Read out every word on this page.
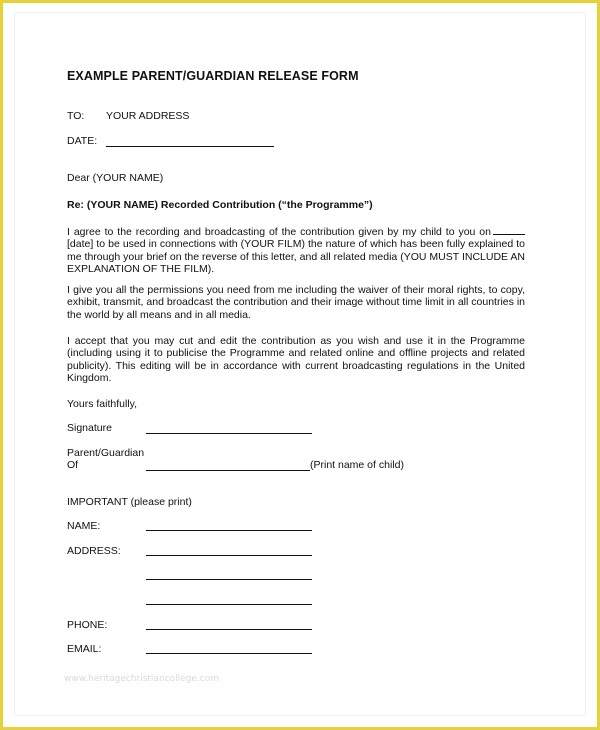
EXAMPLE PARENT/GUARDIAN RELEASE FORM
TO: YOUR ADDRESS
DATE:
Dear (YOUR NAME)
Re: (YOUR NAME) Recorded Contribution (“the Programme”)
I agree to the recording and broadcasting of the contribution given by my child to you on [date] to be used in connections with (YOUR FILM) the nature of which has been fully explained to me through your brief on the reverse of this letter, and all related media (YOU MUST INCLUDE AN EXPLANATION OF THE FILM).
I give you all the permissions you need from me including the waiver of their moral rights, to copy, exhibit, transmit, and broadcast the contribution and their image without time limit in all countries in the world by all means and in all media.
I accept that you may cut and edit the contribution as you wish and use it in the Programme (including using it to publicise the Programme and related online and offline projects and related publicity). This editing will be in accordance with current broadcasting regulations in the United Kingdom.
Yours faithfully,
Signature
Parent/Guardian
Of	(Print name of child)
IMPORTANT (please print)
NAME:
ADDRESS:
PHONE:
EMAIL:
www.heritagechristiancollege.com
